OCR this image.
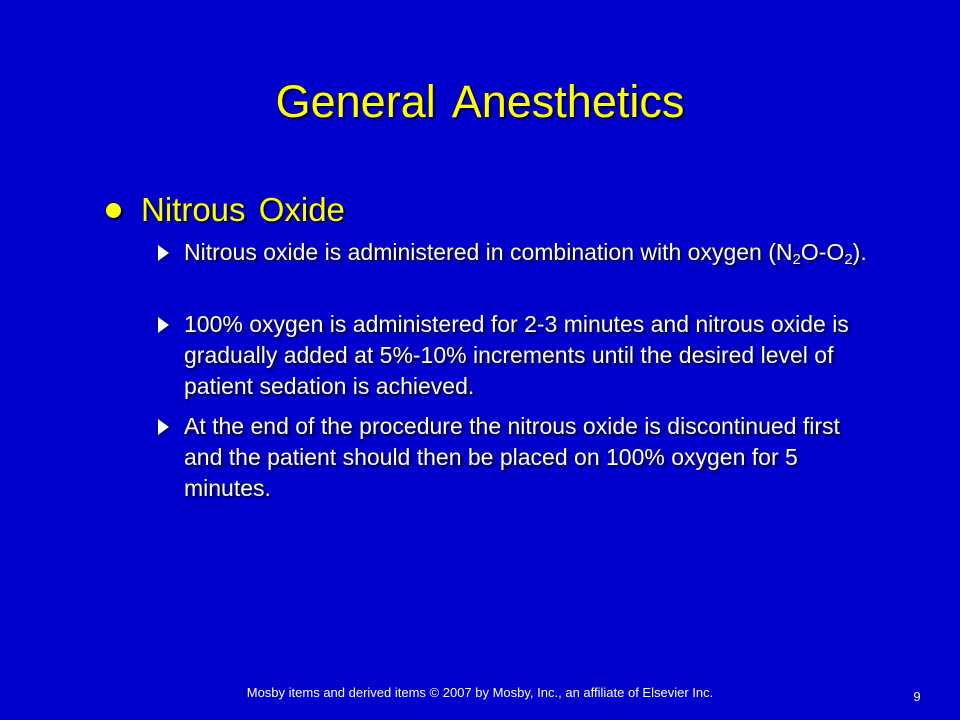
General Anesthetics
Nitrous Oxide
Nitrous oxide is administered in combination with oxygen $(N_2O-O_2)$.
100% oxygen is administered for 2-3 minutes and nitrous oxide is gradually added at 5%-10% increments until the desired level of patient sedation is achieved.
At the end of the procedure the nitrous oxide is discontinued first and the patient should then be placed on 100% oxygen for 5 minutes.
Mosby items and derived items © 2007 by Mosby, Inc., an affiliate of Elsevier Inc.	9
